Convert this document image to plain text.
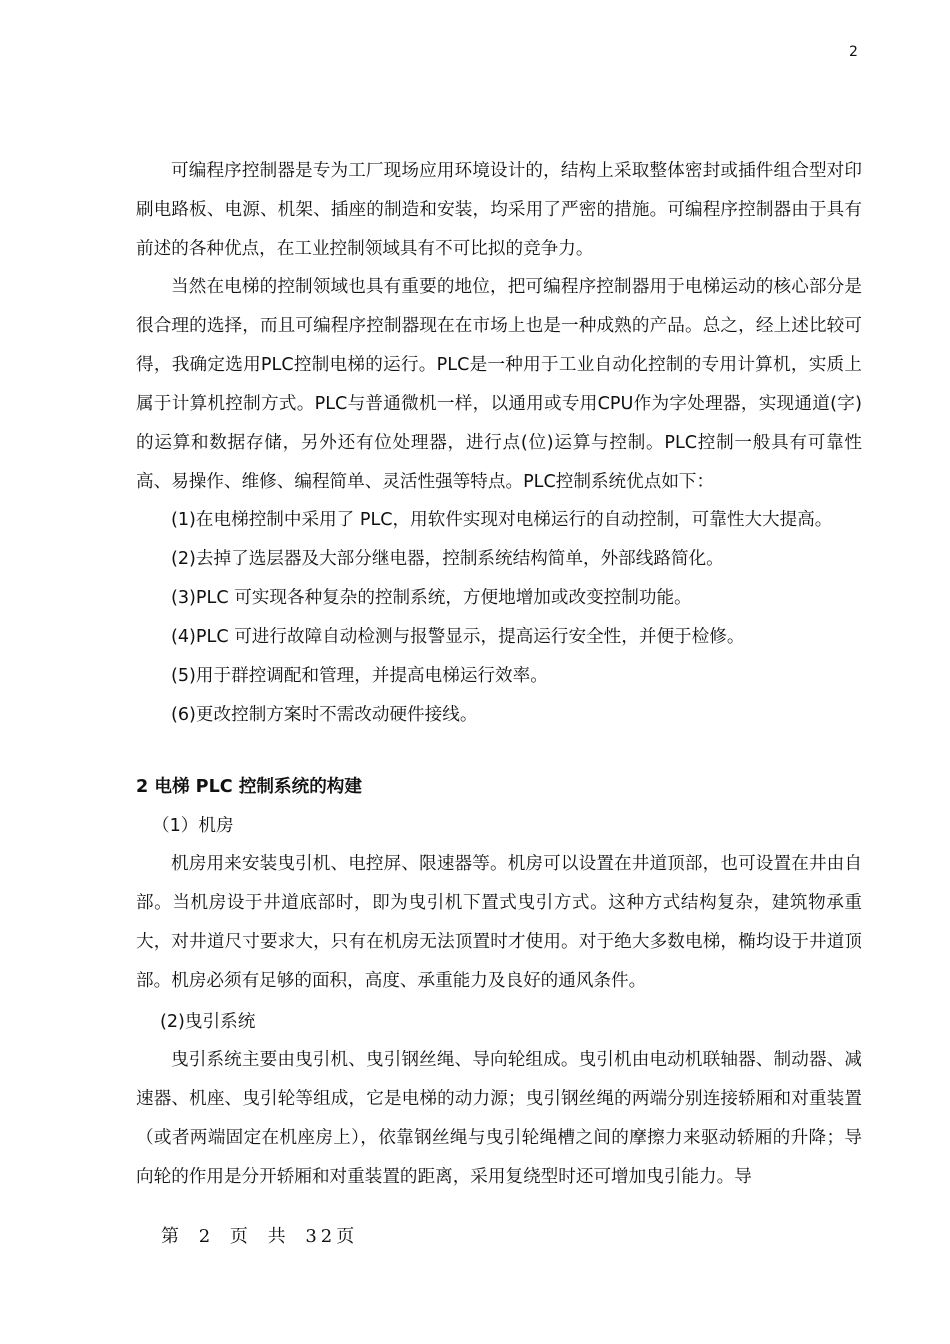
2

可编程序控制器是专为工厂现场应用环境设计的，结构上采取整体密封或插件组合型对印刷电路板、电源、机架、插座的制造和安装，均采用了严密的措施。可编程序控制器由于具有前述的各种优点，在工业控制领域具有不可比拟的竞争力。

当然在电梯的控制领域也具有重要的地位，把可编程序控制器用于电梯运动的核心部分是很合理的选择，而且可编程序控制器现在在市场上也是一种成熟的产品。总之，经上述比较可得，我确定选用PLC控制电梯的运行。PLC是一种用于工业自动化控制的专用计算机，实质上属于计算机控制方式。PLC与普通微机一样，以通用或专用CPU作为字处理器，实现通道(字)的运算和数据存储，另外还有位处理器，进行点(位)运算与控制。PLC控制一般具有可靠性高、易操作、维修、编程简单、灵活性强等特点。PLC控制系统优点如下：

(1)在电梯控制中采用了 PLC，用软件实现对电梯运行的自动控制，可靠性大大提高。

(2)去掉了选层器及大部分继电器，控制系统结构简单，外部线路简化。

(3)PLC 可实现各种复杂的控制系统，方便地增加或改变控制功能。

(4)PLC 可进行故障自动检测与报警显示，提高运行安全性，并便于检修。

(5)用于群控调配和管理，并提高电梯运行效率。

(6)更改控制方案时不需改动硬件接线。

2 电梯 PLC 控制系统的构建

（1）机房

机房用来安装曳引机、电控屏、限速器等。机房可以设置在井道顶部，也可设置在井由自部。当机房设于井道底部时，即为曳引机下置式曳引方式。这种方式结构复杂，建筑物承重大，对井道尺寸要求大，只有在机房无法顶置时才使用。对于绝大多数电梯，椭均设于井道顶部。机房必须有足够的面积，高度、承重能力及良好的通风条件。

(2)曳引系统

曳引系统主要由曳引机、曳引钢丝绳、导向轮组成。曳引机由电动机联轴器、制动器、减速器、机座、曳引轮等组成，它是电梯的动力源；曳引钢丝绳的两端分别连接轿厢和对重装置（或者两端固定在机座房上），依靠钢丝绳与曳引轮绳槽之间的摩擦力来驱动轿厢的升降；导向轮的作用是分开轿厢和对重装置的距离，采用复绕型时还可增加曳引能力。导

第 2 页 共 32页
